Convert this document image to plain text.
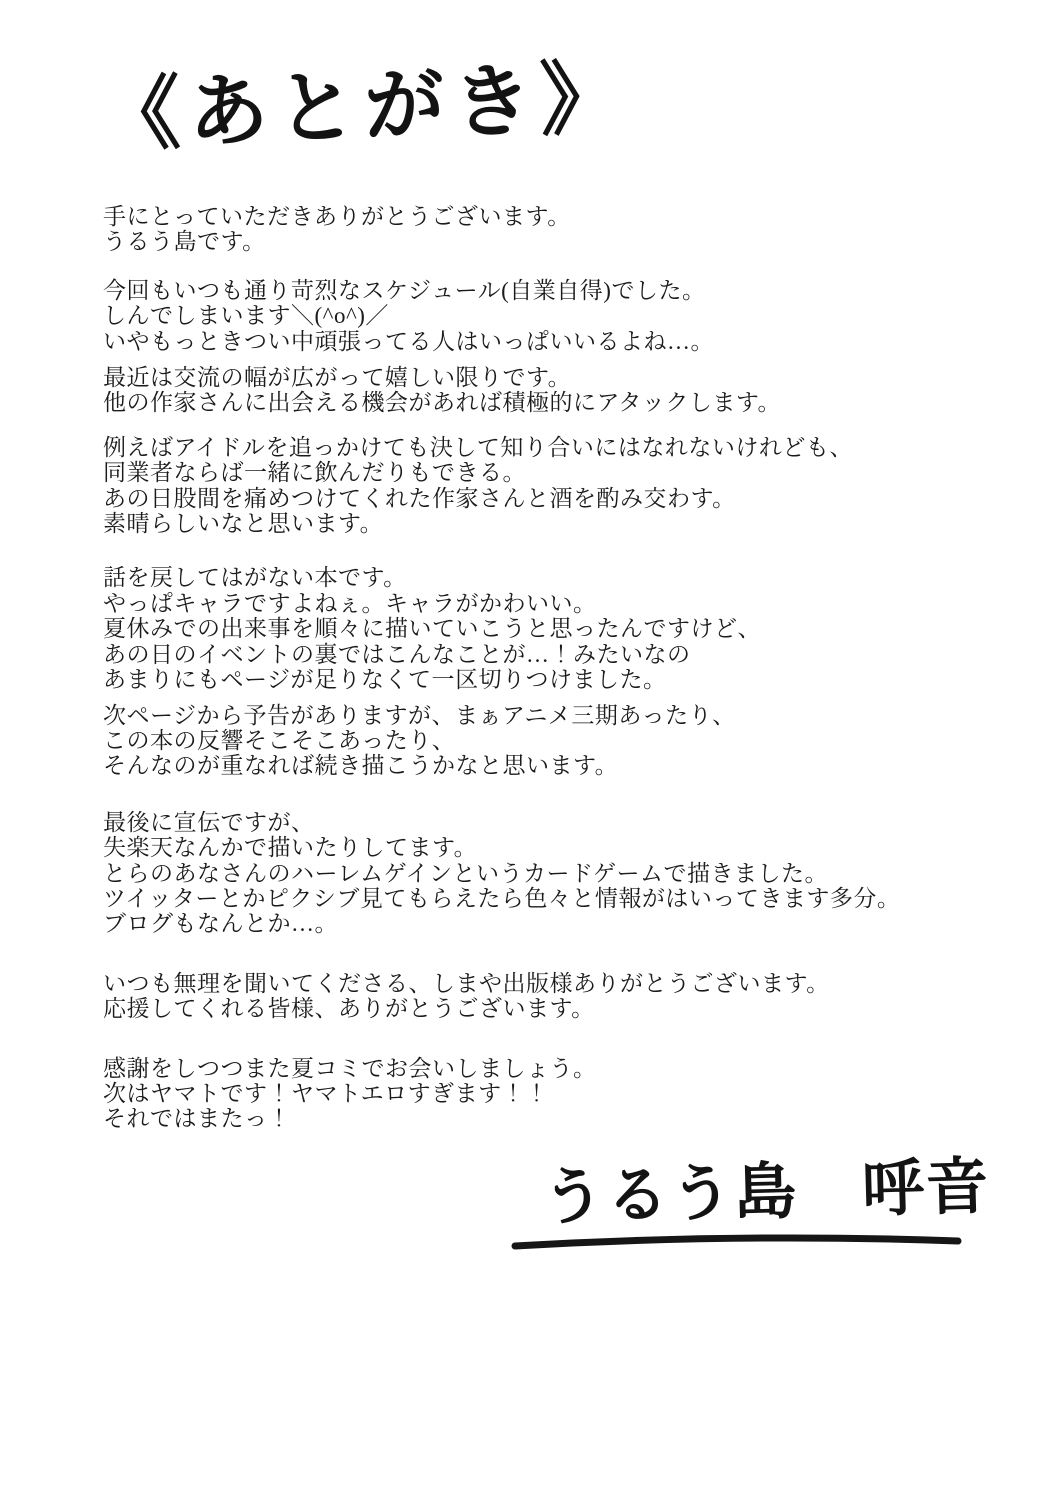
《あとがき》

手にとっていただきありがとうございます。
うるう島です。

今回もいつも通り苛烈なスケジュール(自業自得)でした。
しんでしまいます＼(^o^)／
いやもっときつい中頑張ってる人はいっぱいいるよね…。

最近は交流の幅が広がって嬉しい限りです。
他の作家さんに出会える機会があれば積極的にアタックします。

例えばアイドルを追っかけても決して知り合いにはなれないけれども、
同業者ならば一緒に飲んだりもできる。
あの日股間を痛めつけてくれた作家さんと酒を酌み交わす。
素晴らしいなと思います。

話を戻してはがない本です。
やっぱキャラですよねぇ。キャラがかわいい。
夏休みでの出来事を順々に描いていこうと思ったんですけど、
あの日のイベントの裏ではこんなことが…！みたいなの
あまりにもページが足りなくて一区切りつけました。

次ページから予告がありますが、まぁアニメ三期あったり、
この本の反響そこそこあったり、
そんなのが重なれば続き描こうかなと思います。

最後に宣伝ですが、
失楽天なんかで描いたりしてます。
とらのあなさんのハーレムゲインというカードゲームで描きました。
ツイッターとかピクシブ見てもらえたら色々と情報がはいってきます多分。
ブログもなんとか…。

いつも無理を聞いてくださる、しまや出版様ありがとうございます。
応援してくれる皆様、ありがとうございます。

感謝をしつつまた夏コミでお会いしましょう。
次はヤマトです！ヤマトエロすぎます！！
それではまたっ！

うるう島　呼音
